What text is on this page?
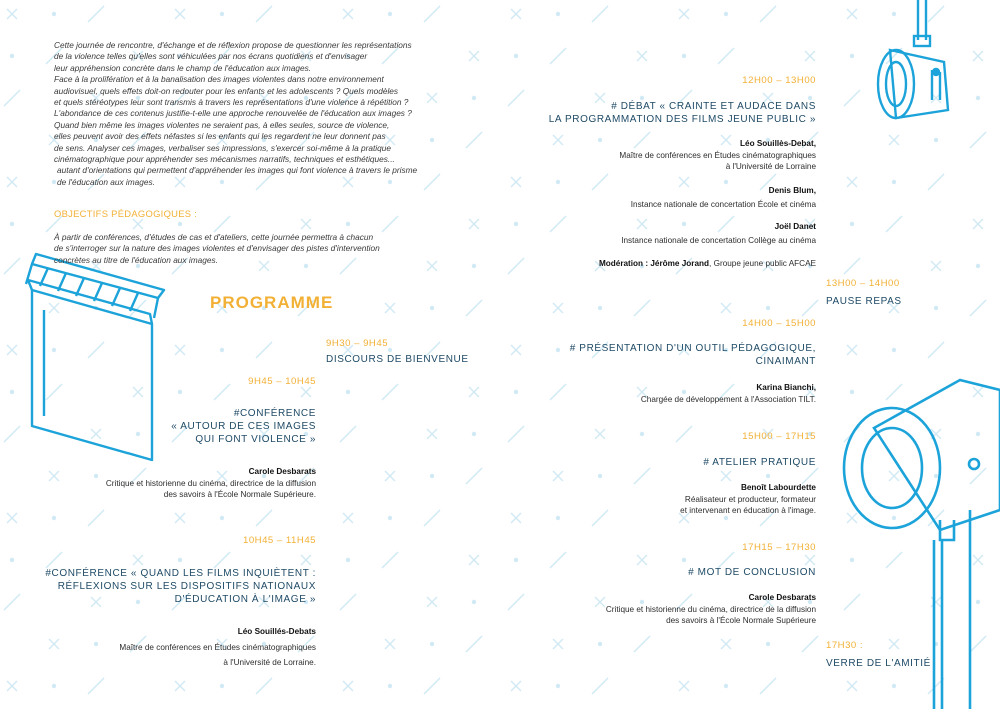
Cette journée de rencontre, d'échange et de réflexion propose de questionner les représentations

de la violence telles qu'elles sont véhiculées par nos écrans quotidiens et d'envisager

leur appréhension concrète dans le champ de l'éducation aux images.

Face à la prolifération et à la banalisation des images violentes dans notre environnement

audiovisuel, quels effets doit-on redouter pour les enfants et les adolescents ? Quels modèles

et quels stéréotypes leur sont transmis à travers les représentations d'une violence à répétition ?

L'abondance de ces contenus justifie-t-elle une approche renouvelée de l'éducation aux images ?

Quand bien même les images violentes ne seraient pas, à elles seules, source de violence,

elles peuvent avoir des effets néfastes si les enfants qui les regardent ne leur donnent pas

de sens. Analyser ces images, verbaliser ses impressions, s'exercer soi-même à la pratique

cinématographique pour appréhender ses mécanismes narratifs, techniques et esthétiques...

autant d'orientations qui permettent d'appréhender les images qui font violence à travers le prisme

de l'éducation aux images.

OBJECTIFS PÉDAGOGIQUES :
À partir de conférences, d'études de cas et d'ateliers, cette journée permettra à chacun
de s'interroger sur la nature des images violentes et d'envisager des pistes d'intervention
concrètes au titre de l'éducation aux images.
PROGRAMME
9H30 – 9H45
DISCOURS DE BIENVENUE
9H45 – 10H45
#CONFÉRENCE
« AUTOUR DE CES IMAGES
QUI FONT VIOLENCE »
Carole Desbarats
Critique et historienne du cinéma, directrice de la diffusion
des savoirs à l'École Normale Supérieure.
10H45 – 11H45
#CONFÉRENCE « QUAND LES FILMS INQUIÈTENT :
RÉFLEXIONS SUR LES DISPOSITIFS NATIONAUX
D'ÉDUCATION À L'IMAGE »
Léo Souillés-Debats
Maître de conférences en Études cinématographiques
à l'Université de Lorraine.
12H00 – 13H00
# DÉBAT « CRAINTE ET AUDACE DANS
LA PROGRAMMATION DES FILMS JEUNE PUBLIC »
Léo Souillès-Debat,
Maître de conférences en Études cinématographiques
à l'Université de Lorraine
Denis Blum,
Instance nationale de concertation École et cinéma
Joël Danet
Instance nationale de concertation Collège au cinéma
Modération : Jérôme Jorand, Groupe jeune public AFCAE
13H00 – 14H00
PAUSE REPAS
14H00 – 15H00
# PRÉSENTATION D'UN OUTIL PÉDAGOGIQUE,
CINAIMANT
Karina Bianchi,
Chargée de développement à l'Association TILT.
15H00 – 17H15
# ATELIER PRATIQUE
Benoît Labourdette
Réalisateur et producteur, formateur
et intervenant en éducation à l'image.
17H15 – 17H30
# MOT DE CONCLUSION
Carole Desbarats
Critique et historienne du cinéma, directrice de la diffusion
des savoirs à l'École Normale Supérieure
17H30 :
VERRE DE L'AMITIÉ
